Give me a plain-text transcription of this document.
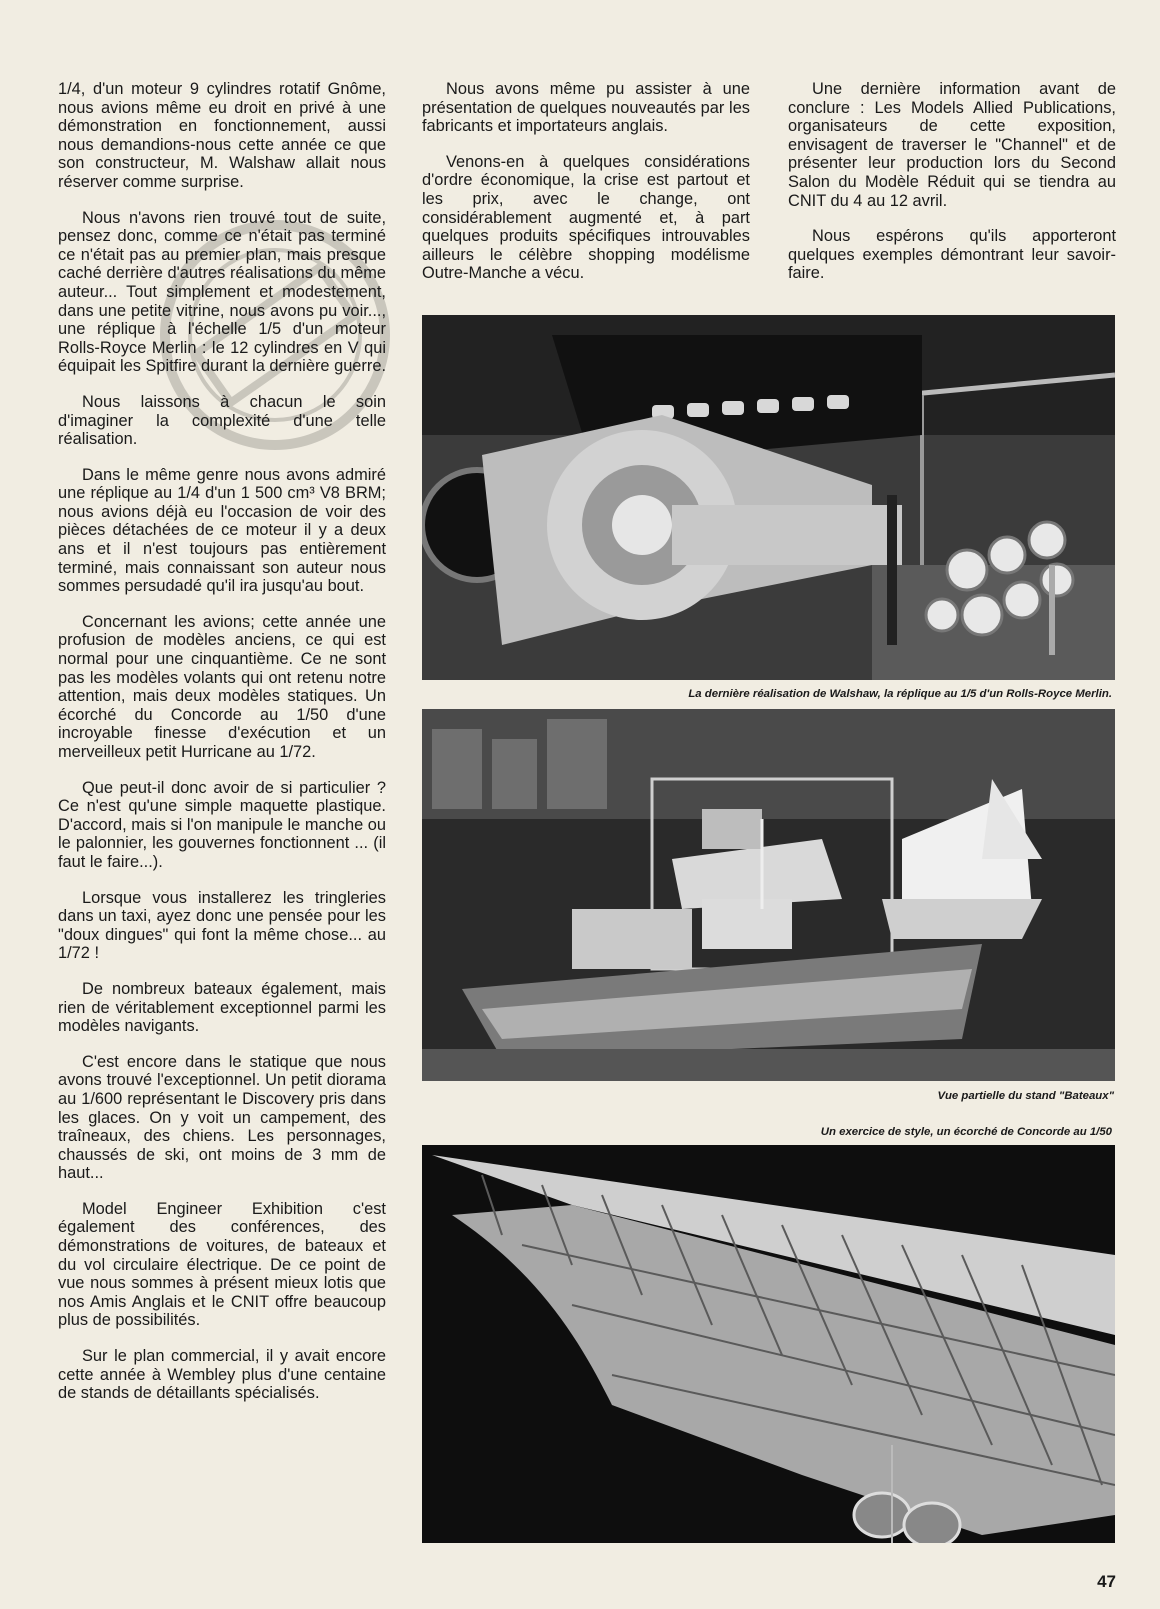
1/4, d'un moteur 9 cylindres rotatif Gnôme, nous avions même eu droit en privé à une démonstration en fonctionnement, aussi nous demandions-nous cette année ce que son constructeur, M. Walshaw allait nous réserver comme surprise.

Nous n'avons rien trouvé tout de suite, pensez donc, comme ce n'était pas terminé ce n'était pas au premier plan, mais presque caché derrière d'autres réalisations du même auteur... Tout simplement et modestement, dans une petite vitrine, nous avons pu voir..., une réplique à l'échelle 1/5 d'un moteur Rolls-Royce Merlin : le 12 cylindres en V qui équipait les Spitfire durant la dernière guerre.

Nous laissons à chacun le soin d'imaginer la complexité d'une telle réalisation.

Dans le même genre nous avons admiré une réplique au 1/4 d'un 1 500 cm³ V8 BRM; nous avions déjà eu l'occasion de voir des pièces détachées de ce moteur il y a deux ans et il n'est toujours pas entièrement terminé, mais connaissant son auteur nous sommes persudadé qu'il ira jusqu'au bout.

Concernant les avions; cette année une profusion de modèles anciens, ce qui est normal pour une cinquantième. Ce ne sont pas les modèles volants qui ont retenu notre attention, mais deux modèles statiques. Un écorché du Concorde au 1/50 d'une incroyable finesse d'exécution et un merveilleux petit Hurricane au 1/72.

Que peut-il donc avoir de si particulier ? Ce n'est qu'une simple maquette plastique. D'accord, mais si l'on manipule le manche ou le palonnier, les gouvernes fonctionnent ... (il faut le faire...).

Lorsque vous installerez les tringleries dans un taxi, ayez donc une pensée pour les "doux dingues" qui font la même chose... au 1/72 !

De nombreux bateaux également, mais rien de véritablement exceptionnel parmi les modèles navigants.

C'est encore dans le statique que nous avons trouvé l'exceptionnel. Un petit diorama au 1/600 représentant le Discovery pris dans les glaces. On y voit un campement, des traîneaux, des chiens. Les personnages, chaussés de ski, ont moins de 3 mm de haut...

Model Engineer Exhibition c'est également des conférences, des démonstrations de voitures, de bateaux et du vol circulaire électrique. De ce point de vue nous sommes à présent mieux lotis que nos Amis Anglais et le CNIT offre beaucoup plus de possibilités.

Sur le plan commercial, il y avait encore cette année à Wembley plus d'une centaine de stands de détaillants spécialisés.

Nous avons même pu assister à une présentation de quelques nouveautés par les fabricants et importateurs anglais.

Venons-en à quelques considérations d'ordre économique, la crise est partout et les prix, avec le change, ont considérablement augmenté et, à part quelques produits spécifiques introuvables ailleurs le célèbre shopping modélisme Outre-Manche a vécu.

Une dernière information avant de conclure : Les Models Allied Publications, organisateurs de cette exposition, envisagent de traverser le "Channel" et de présenter leur production lors du Second Salon du Modèle Réduit qui se tiendra au CNIT du 4 au 12 avril.

Nous espérons qu'ils apporteront quelques exemples démontrant leur savoir-faire.

La dernière réalisation de Walshaw, la réplique au 1/5 d'un Rolls-Royce Merlin.
Vue partielle du stand "Bateaux"
Un exercice de style, un écorché de Concorde au 1/50
47
